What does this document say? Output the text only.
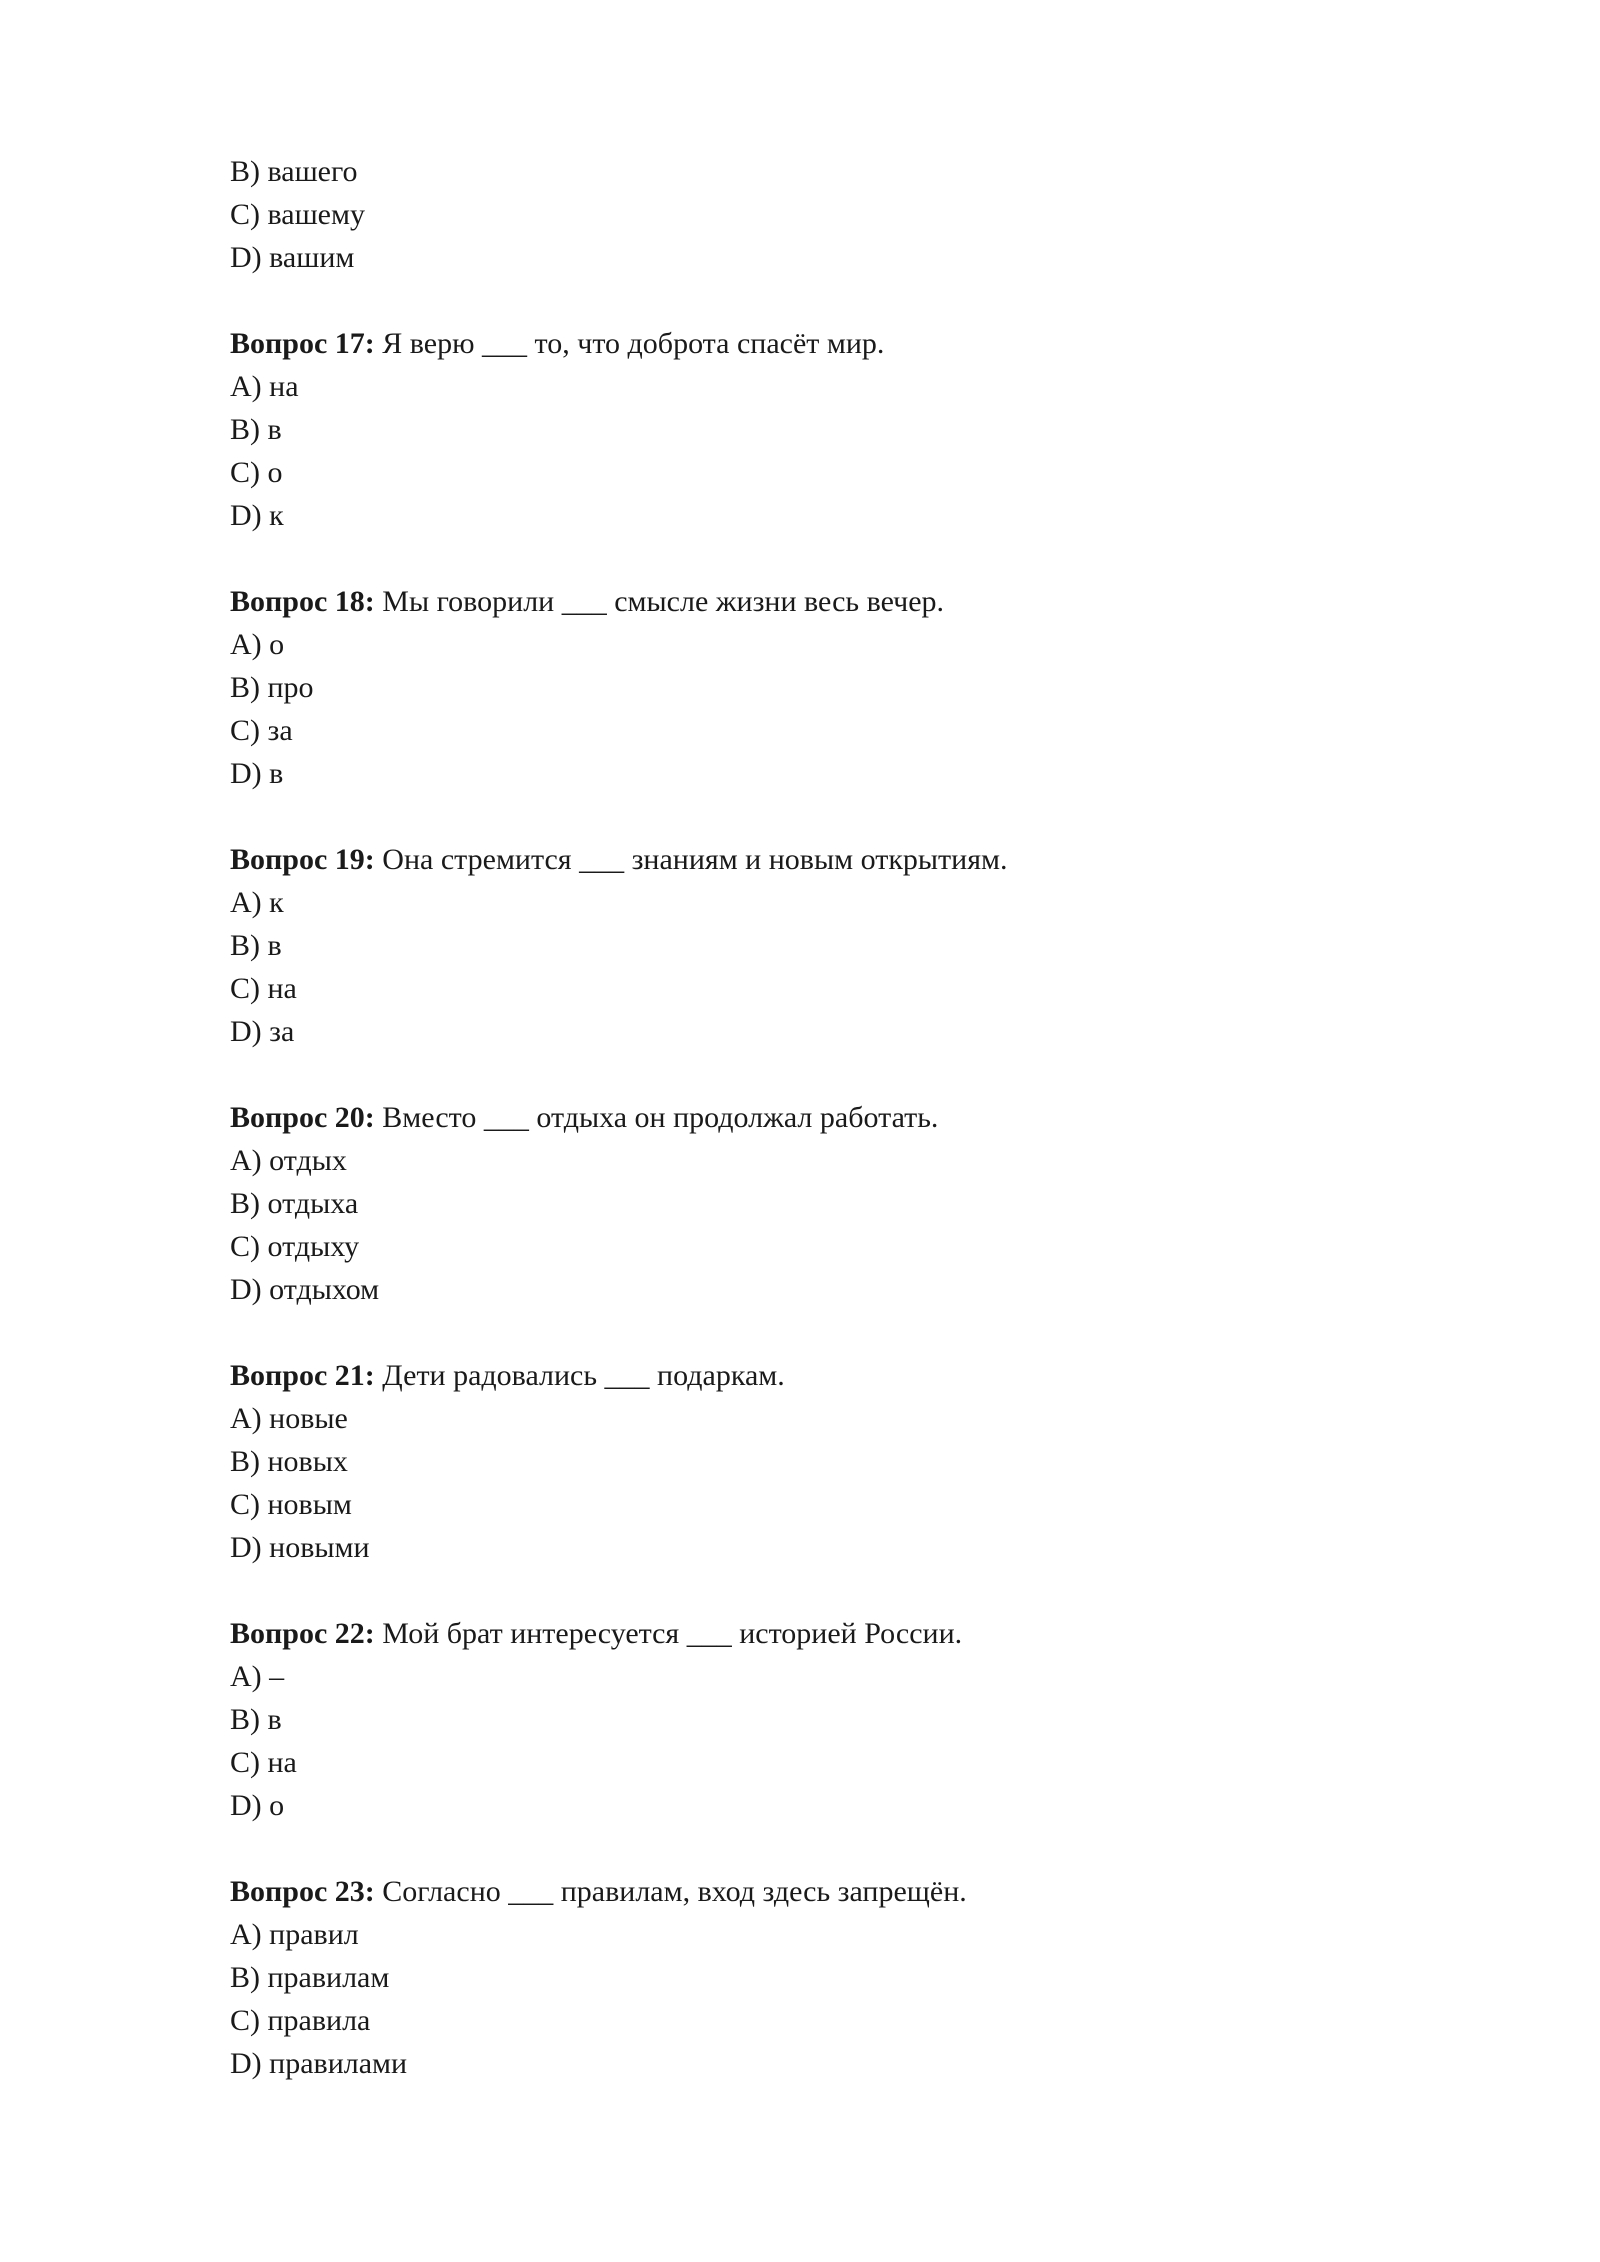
B) вашего
C) вашему
D) вашим
Вопрос 17: Я верю ___ то, что доброта спасёт мир.
A) на
B) в
C) о
D) к
Вопрос 18: Мы говорили ___ смысле жизни весь вечер.
A) о
B) про
C) за
D) в
Вопрос 19: Она стремится ___ знаниям и новым открытиям.
A) к
B) в
C) на
D) за
Вопрос 20: Вместо ___ отдыха он продолжал работать.
A) отдых
B) отдыха
C) отдыху
D) отдыхом
Вопрос 21: Дети радовались ___ подаркам.
A) новые
B) новых
C) новым
D) новыми
Вопрос 22: Мой брат интересуется ___ историей России.
A) –
B) в
C) на
D) о
Вопрос 23: Согласно ___ правилам, вход здесь запрещён.
A) правил
B) правилам
C) правила
D) правилами
